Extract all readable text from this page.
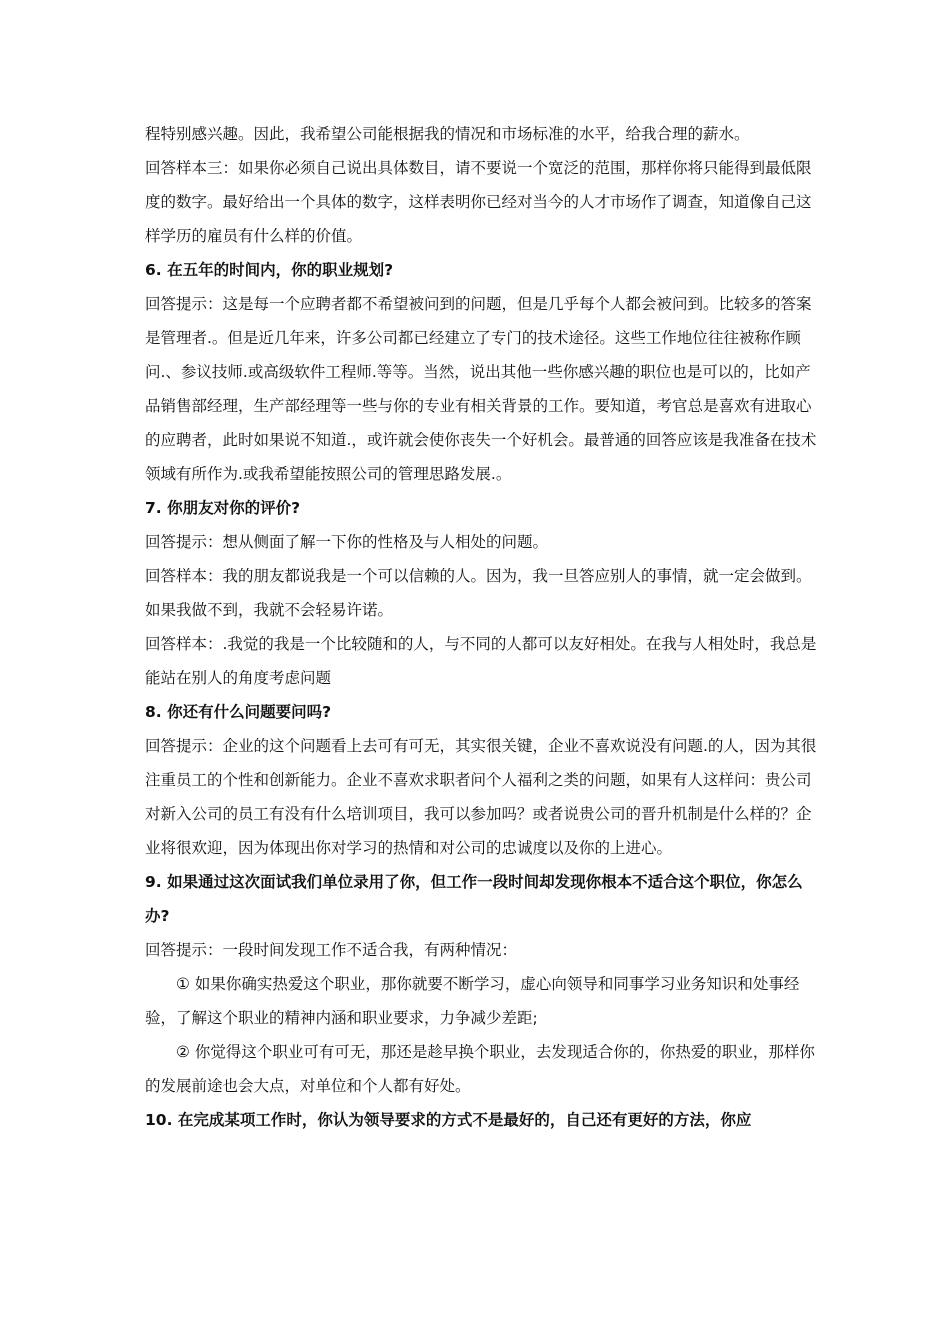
程特别感兴趣。因此，我希望公司能根据我的情况和市场标准的水平，给我合理的薪水。

回答样本三：如果你必须自己说出具体数目，请不要说一个宽泛的范围，那样你将只能得到最低限度的数字。最好给出一个具体的数字，这样表明你已经对当今的人才市场作了调查，知道像自己这样学历的雇员有什么样的价值。

6. 在五年的时间内，你的职业规划?

回答提示：这是每一个应聘者都不希望被问到的问题，但是几乎每个人都会被问到。比较多的答案是管理者.。但是近几年来，许多公司都已经建立了专门的技术途径。这些工作地位往往被称作顾问.、参议技师.或高级软件工程师.等等。当然，说出其他一些你感兴趣的职位也是可以的，比如产品销售部经理，生产部经理等一些与你的专业有相关背景的工作。要知道，考官总是喜欢有进取心的应聘者，此时如果说不知道.，或许就会使你丧失一个好机会。最普通的回答应该是我准备在技术领域有所作为.或我希望能按照公司的管理思路发展.。

7. 你朋友对你的评价?

回答提示：想从侧面了解一下你的性格及与人相处的问题。

回答样本：我的朋友都说我是一个可以信赖的人。因为，我一旦答应别人的事情，就一定会做到。如果我做不到，我就不会轻易许诺。

回答样本：.我觉的我是一个比较随和的人，与不同的人都可以友好相处。在我与人相处时，我总是能站在别人的角度考虑问题

8. 你还有什么问题要问吗?

回答提示：企业的这个问题看上去可有可无，其实很关键，企业不喜欢说没有问题.的人，因为其很注重员工的个性和创新能力。企业不喜欢求职者问个人福利之类的问题，如果有人这样问：贵公司对新入公司的员工有没有什么培训项目，我可以参加吗？或者说贵公司的晋升机制是什么样的？企业将很欢迎，因为体现出你对学习的热情和对公司的忠诚度以及你的上进心。

9. 如果通过这次面试我们单位录用了你，但工作一段时间却发现你根本不适合这个职位，你怎么办?

回答提示：一段时间发现工作不适合我，有两种情况：

① 如果你确实热爱这个职业，那你就要不断学习，虚心向领导和同事学习业务知识和处事经验，了解这个职业的精神内涵和职业要求，力争减少差距;

② 你觉得这个职业可有可无，那还是趁早换个职业，去发现适合你的，你热爱的职业，那样你的发展前途也会大点，对单位和个人都有好处。

10. 在完成某项工作时，你认为领导要求的方式不是最好的，自己还有更好的方法，你应
